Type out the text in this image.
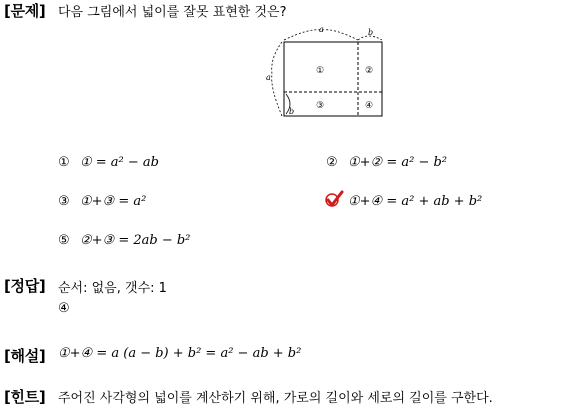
[문제] 다음 그림에서 넓이를 잘못 표현한 것은?
a	b
a
b
①	②
③	④
① ① = a² − ab	② ①+② = a² − b²
③ ①+③ = a²	①+④ = a² + ab + b²
⑤ ②+③ = 2ab − b²
[정답] 순서: 없음, 갯수: 1
④
[해설] ①+④ = a (a − b) + b² = a² − ab + b²
[힌트] 주어진 사각형의 넓이를 계산하기 위해, 가로의 길이와 세로의 길이를 구한다.
